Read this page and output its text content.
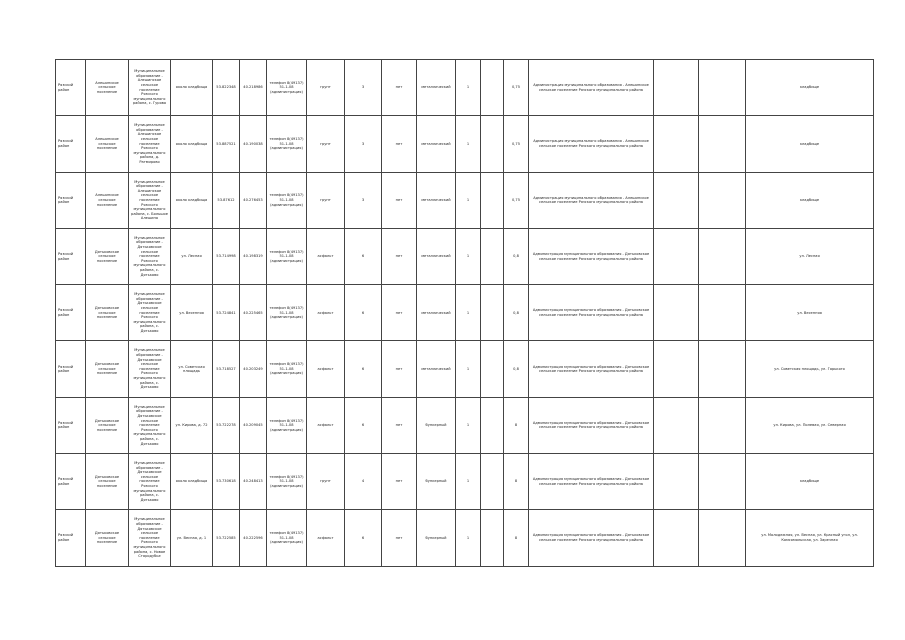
Рязский район	Алешинское сельское поселение	Муниципальное образование - Алешинское сельское поселение Рязского муниципального района, с. Гурово	около кладбища	53.822348	40.218986	телефон 8(49137) 51-1-08 (администрация)	грунт	3	нет	металлический	1		0,75	Администрация муниципального образования - Алешинское сельское поселение Рязского муниципального района			кладбище
Рязский район	Алешинское сельское поселение	Муниципальное образование - Алешинское сельское поселение Рязского муниципального района, д. Ратмирово	около кладбища	53.887521	40.190038	телефон 8(49137) 51-1-08 (администрация)	грунт	3	нет	металлический	1		0,75	Администрация муниципального образования - Алешинское сельское поселение Рязского муниципального района			кладбище
Рязский район	Алешинское сельское поселение	Муниципальное образование - Алешинское сельское поселение Рязского муниципального района, с. Большое Алешино	около кладбища	53.87612	40.276453	телефон 8(49137) 51-1-08 (администрация)	грунт	3	нет	металлический	1		0,75	Администрация муниципального образования - Алешинское сельское поселение Рязского муниципального района			кладбище
Рязский район	Дятьковское сельское поселение	Муниципальное образование - Дятьковское сельское поселение Рязского муниципального района, с. Дятьково	ул. Лесная	53.714998	40.198319	телефон 8(49137) 51-1-08 (администрация)	асфальт	6	нет	металлический	1		0,8	Администрация муниципального образования - Дятьковское сельское поселение Рязского муниципального района			ул. Лесная
Рязский район	Дятьковское сельское поселение	Муниципальное образование - Дятьковское сельское поселение Рязского муниципального района, с. Дятьково	ул. Весенняя	53.724841	40.225465	телефон 8(49137) 51-1-08 (администрация)	асфальт	6	нет	металлический	1		0,8	Администрация муниципального образования - Дятьковское сельское поселение Рязского муниципального района			ул. Весенняя
Рязский район	Дятьковское сельское поселение	Муниципальное образование - Дятьковское сельское поселение Рязского муниципального района, с. Дятьково	ул. Советская площадь	53.718527	40.203249	телефон 8(49137) 51-1-08 (администрация)	асфальт	6	нет	металлический	1		0,8	Администрация муниципального образования - Дятьковское сельское поселение Рязского муниципального района			ул. Советская площадь, ул. Горького
Рязский район	Дятьковское сельское поселение	Муниципальное образование - Дятьковское сельское поселение Рязского муниципального района, с. Дятьково	ул. Кирова, д. 72	53.722278	40.209045	телефон 8(49137) 51-1-08 (администрация)	асфальт	6	нет	бункерный	1		8	Администрация муниципального образования - Дятьковское сельское поселение Рязского муниципального района			ул. Кирова, ул. Полевая, ул. Северная
Рязский район	Дятьковское сельское поселение	Муниципальное образование - Дятьковское сельское поселение Рязского муниципального района, с. Дятьково	около кладбища	53.730618	40.248413	телефон 8(49137) 51-1-08 (администрация)	грунт	4	нет	бункерный	1		8	Администрация муниципального образования - Дятьковское сельское поселение Рязского муниципального района			кладбище
Рязский район	Дятьковское сельское поселение	Муниципальное образование - Дятьковское сельское поселение Рязского муниципального района, с. Новое Стародубье	ул. Весная, д. 1	53.722585	40.222596	телефон 8(49137) 51-1-08 (администрация)	асфальт	6	нет	бункерный	1		8	Администрация муниципального образования - Дятьковское сельское поселение Рязского муниципального района			ул. Молодежная, ул. Весная, ул. Красный угол, ул. Комсомольская, ул. Заречная
